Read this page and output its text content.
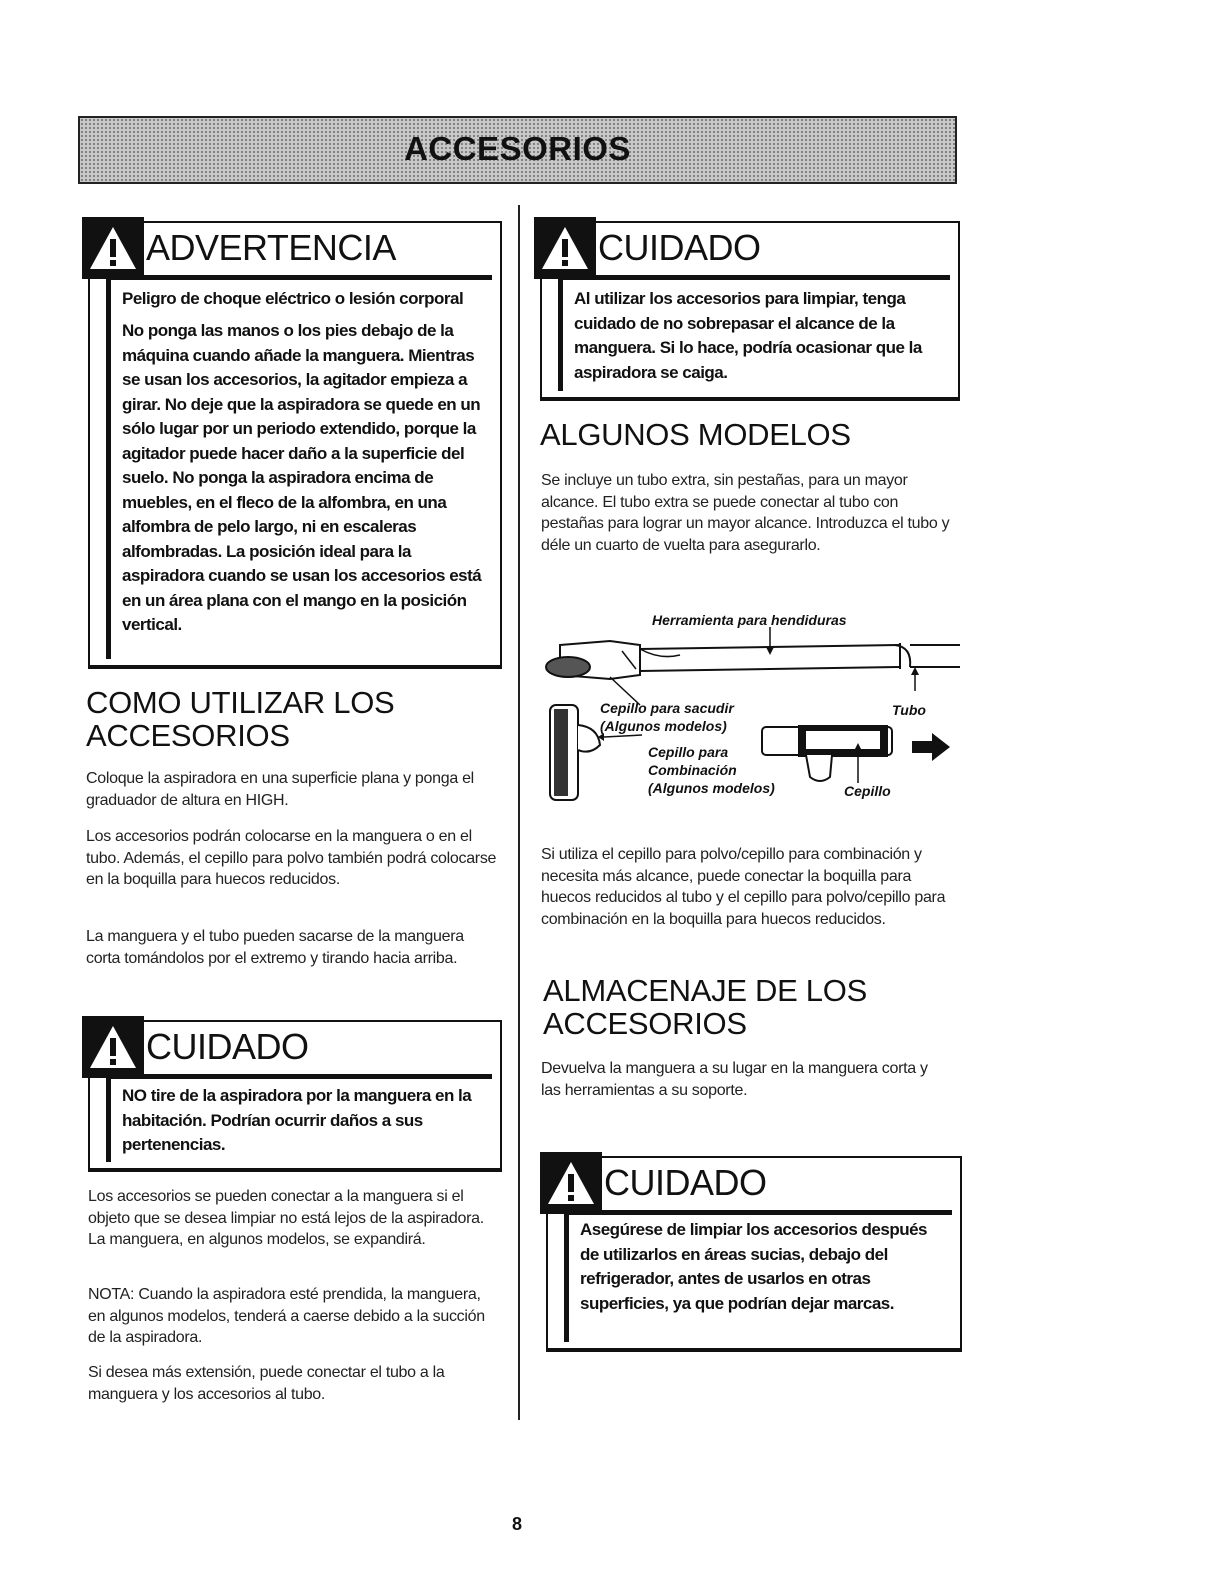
ACCESORIOS
ADVERTENCIA
Peligro de choque eléctrico o lesión corporal
No ponga las manos o los pies debajo de la máquina cuando añade la manguera. Mientras se usan los accesorios, la agitador empieza a girar. No deje que la aspiradora se quede en un sólo lugar por un periodo extendido, porque la agitador puede hacer daño a la superficie del suelo. No ponga la aspiradora encima de muebles, en el fleco de la alfombra, en una alfombra de pelo largo, ni en escaleras alfombradas. La posición ideal para la aspiradora cuando se usan los accesorios está en un área plana con el mango en la posición vertical.
COMO UTILIZAR LOS ACCESORIOS
Coloque la aspiradora en una superficie plana y ponga el graduador de altura en HIGH.
Los accesorios podrán colocarse en la manguera o en el tubo. Además, el cepillo para polvo también podrá colocarse en la boquilla para huecos reducidos.
La manguera y el tubo pueden sacarse de la manguera corta tomándolos por el extremo y tirando hacia arriba.
CUIDADO
NO tire de la aspiradora por la manguera en la habitación. Podrían ocurrir daños a sus pertenencias.
Los accesorios se pueden conectar a la manguera si el objeto que se desea limpiar no está lejos de la aspiradora. La manguera, en algunos modelos, se expandirá.
NOTA: Cuando la aspiradora esté prendida, la manguera, en algunos modelos, tenderá a caerse debido a la succión de la aspiradora.
Si desea más extensión, puede conectar el tubo a la manguera y los accesorios al tubo.
CUIDADO
Al utilizar los accesorios para limpiar, tenga cuidado de no sobrepasar el alcance de la manguera. Si lo hace, podría ocasionar que la aspiradora se caiga.
ALGUNOS MODELOS
Se incluye un tubo extra, sin pestañas, para un mayor alcance. El tubo extra se puede conectar al tubo con pestañas para lograr un mayor alcance. Introduzca el tubo y déle un cuarto de vuelta para asegurarlo.
Herramienta para hendiduras
Cepillo para sacudir
(Algunos modelos)
Tubo
Cepillo para
Combinación
(Algunos modelos)	Cepillo
Si utiliza el cepillo para polvo/cepillo para combinación y necesita más alcance, puede conectar la boquilla para huecos reducidos al tubo y el cepillo para polvo/cepillo para combinación en la boquilla para huecos reducidos.
ALMACENAJE DE LOS ACCESORIOS
Devuelva la manguera a su lugar en la manguera corta y las herramientas a su soporte.
CUIDADO
Asegúrese de limpiar los accesorios después de utilizarlos en áreas sucias, debajo del refrigerador, antes de usarlos en otras superficies, ya que podrían dejar marcas.
8
